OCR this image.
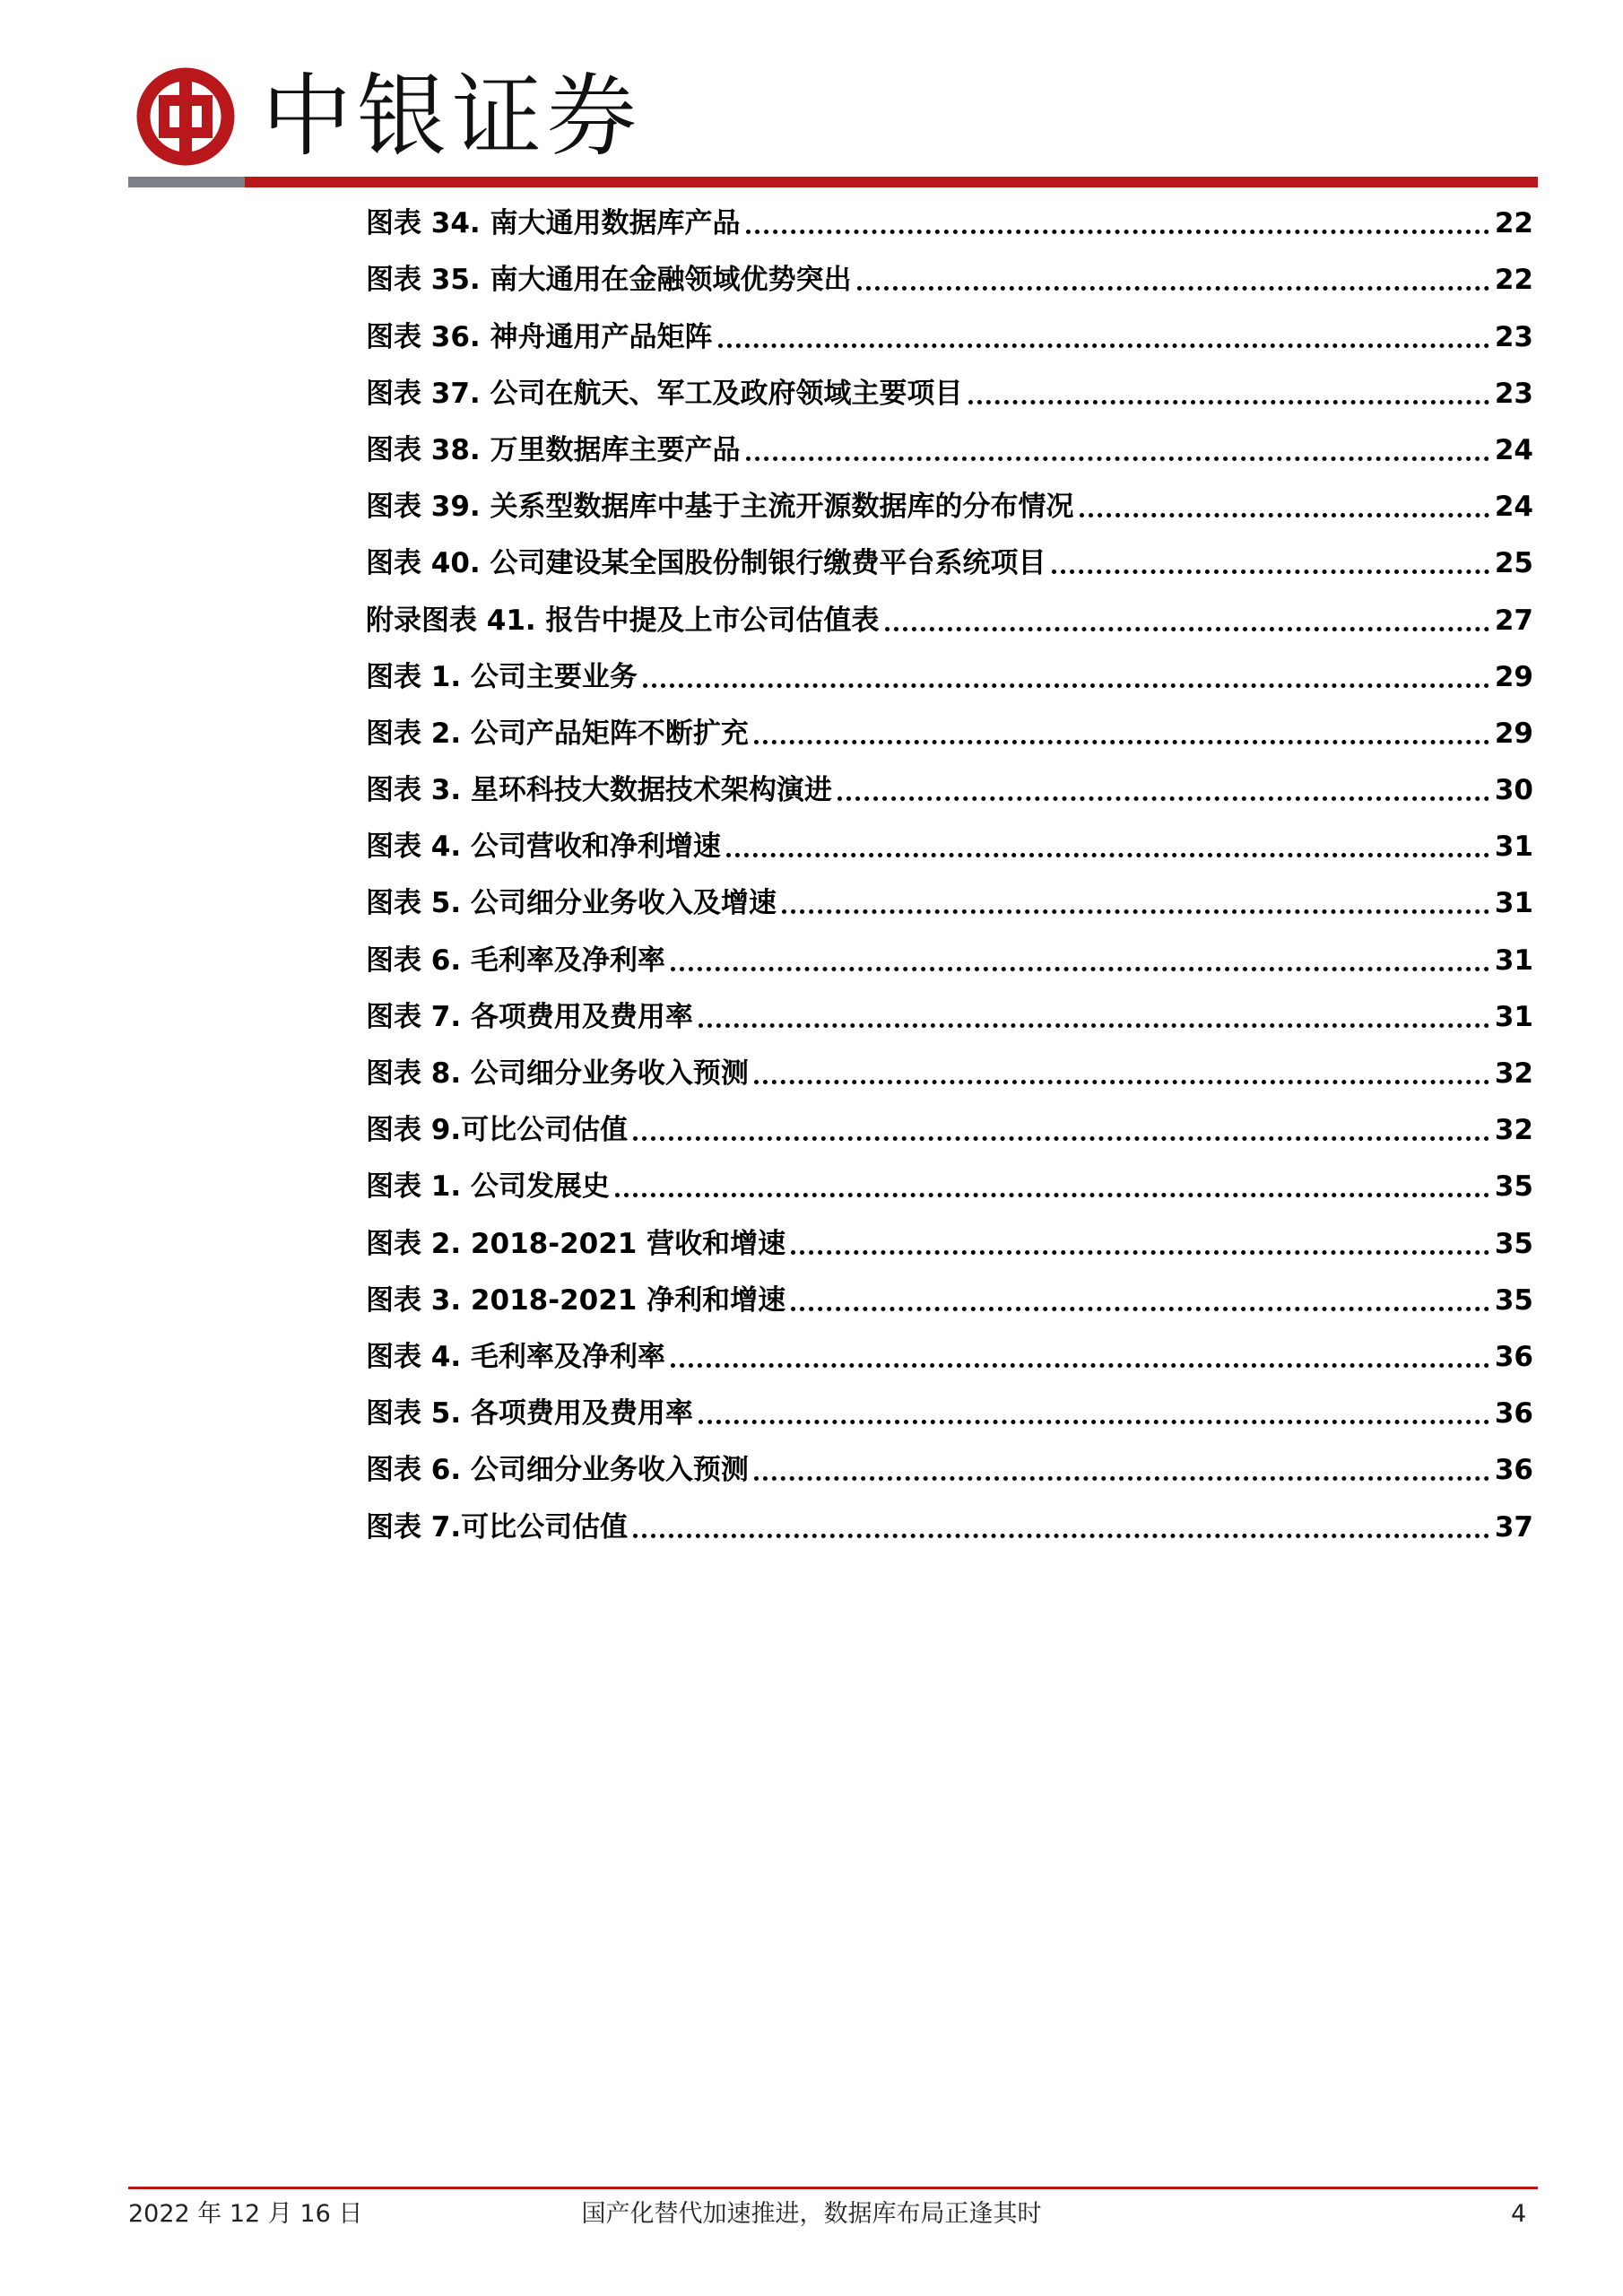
中银证券
图表 34. 南大通用数据库产品	22
图表 35. 南大通用在金融领域优势突出	22
图表 36. 神舟通用产品矩阵	23
图表 37. 公司在航天、军工及政府领域主要项目	23
图表 38. 万里数据库主要产品	24
图表 39. 关系型数据库中基于主流开源数据库的分布情况	24
图表 40. 公司建设某全国股份制银行缴费平台系统项目	25
附录图表 41. 报告中提及上市公司估值表	27
图表 1. 公司主要业务	29
图表 2. 公司产品矩阵不断扩充	29
图表 3. 星环科技大数据技术架构演进	30
图表 4. 公司营收和净利增速	31
图表 5. 公司细分业务收入及增速	31
图表 6. 毛利率及净利率	31
图表 7. 各项费用及费用率	31
图表 8. 公司细分业务收入预测	32
图表 9.可比公司估值	32
图表 1. 公司发展史	35
图表 2. 2018-2021 营收和增速	35
图表 3. 2018-2021 净利和增速	35
图表 4. 毛利率及净利率	36
图表 5. 各项费用及费用率	36
图表 6. 公司细分业务收入预测	36
图表 7.可比公司估值	37
国产化替代加速推进，数据库布局正逢其时
2022 年 12 月 16 日	4
